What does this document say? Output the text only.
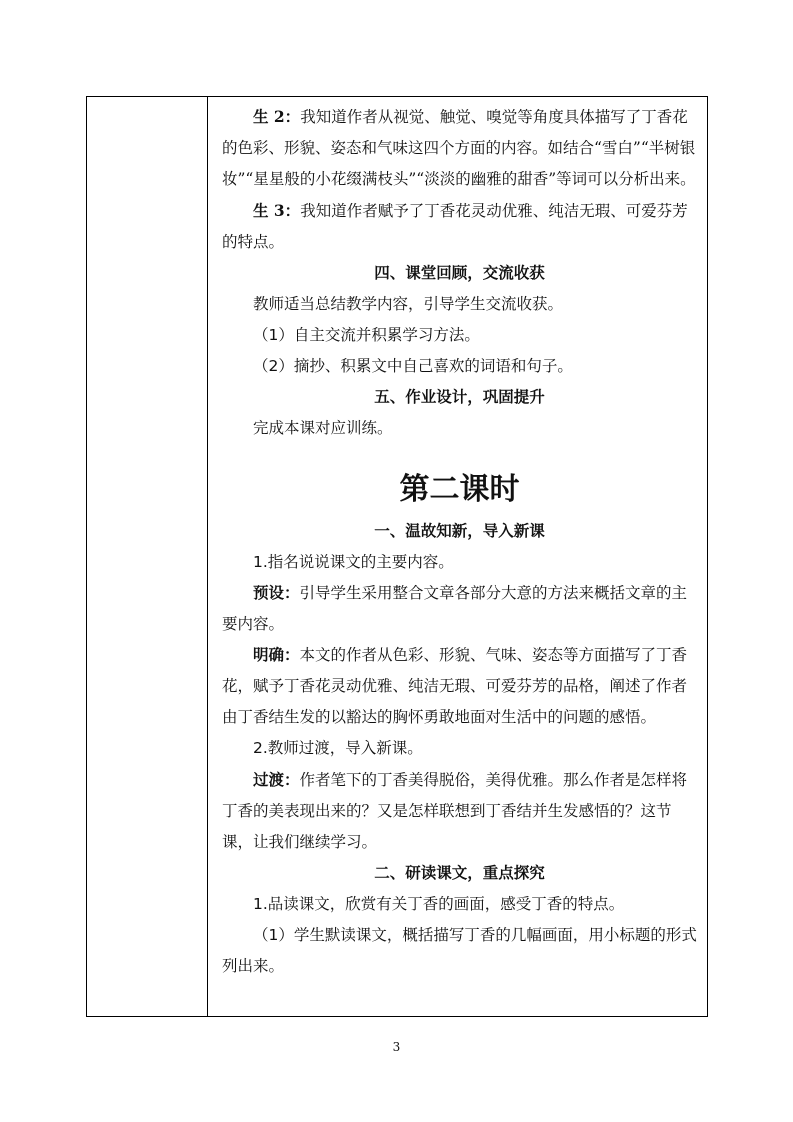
生 2：我知道作者从视觉、触觉、嗅觉等角度具体描写了丁香花的色彩、形貌、姿态和气味这四个方面的内容。如结合“雪白”“半树银妆”“星星般的小花缀满枝头”“淡淡的幽雅的甜香”等词可以分析出来。

生 3：我知道作者赋予了丁香花灵动优雅、纯洁无瑕、可爱芬芳的特点。

四、课堂回顾，交流收获

教师适当总结教学内容，引导学生交流收获。

（1）自主交流并积累学习方法。

（2）摘抄、积累文中自己喜欢的词语和句子。

五、作业设计，巩固提升

完成本课对应训练。

第二课时

一、温故知新，导入新课

1.指名说说课文的主要内容。

预设：引导学生采用整合文章各部分大意的方法来概括文章的主要内容。

明确：本文的作者从色彩、形貌、气味、姿态等方面描写了丁香花，赋予丁香花灵动优雅、纯洁无瑕、可爱芬芳的品格，阐述了作者由丁香结生发的以豁达的胸怀勇敢地面对生活中的问题的感悟。

2.教师过渡，导入新课。

过渡：作者笔下的丁香美得脱俗，美得优雅。那么作者是怎样将丁香的美表现出来的？又是怎样联想到丁香结并生发感悟的？这节课，让我们继续学习。

二、研读课文，重点探究

1.品读课文，欣赏有关丁香的画面，感受丁香的特点。

（1）学生默读课文，概括描写丁香的几幅画面，用小标题的形式列出来。

3
